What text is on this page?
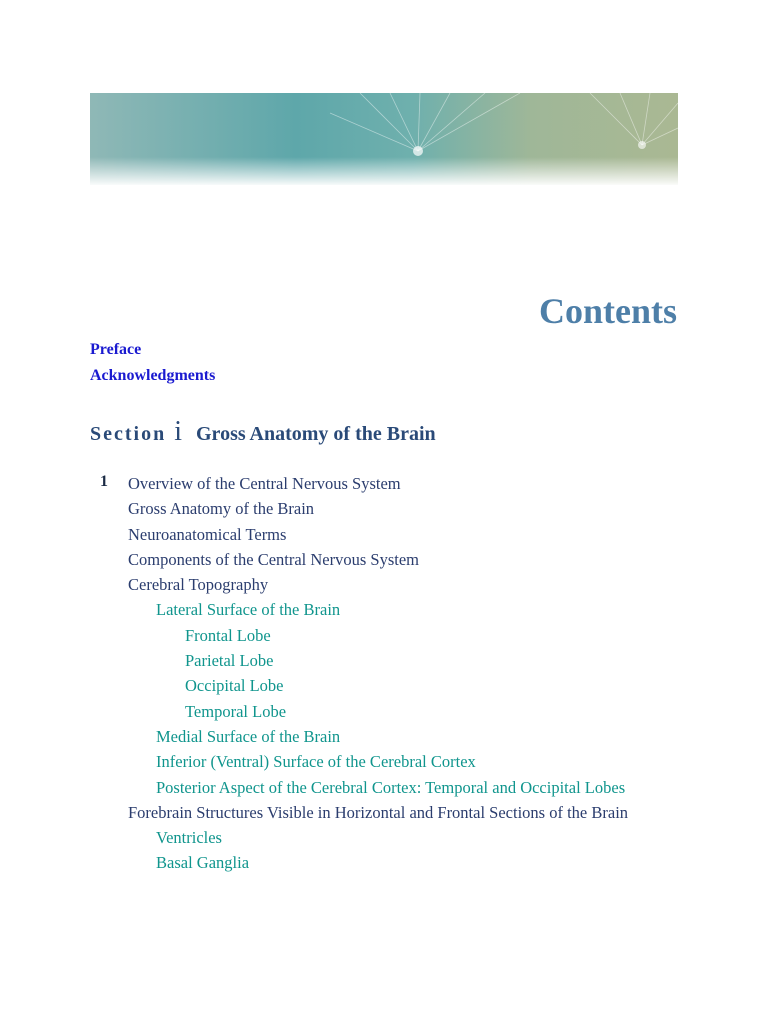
Contents
Preface
Acknowledgments
Section i Gross Anatomy of the Brain
1 Overview of the Central Nervous System
Gross Anatomy of the Brain
Neuroanatomical Terms
Components of the Central Nervous System
Cerebral Topography
Lateral Surface of the Brain
Frontal Lobe
Parietal Lobe
Occipital Lobe
Temporal Lobe
Medial Surface of the Brain
Inferior (Ventral) Surface of the Cerebral Cortex
Posterior Aspect of the Cerebral Cortex: Temporal and Occipital Lobes
Forebrain Structures Visible in Horizontal and Frontal Sections of the Brain
Ventricles
Basal Ganglia
